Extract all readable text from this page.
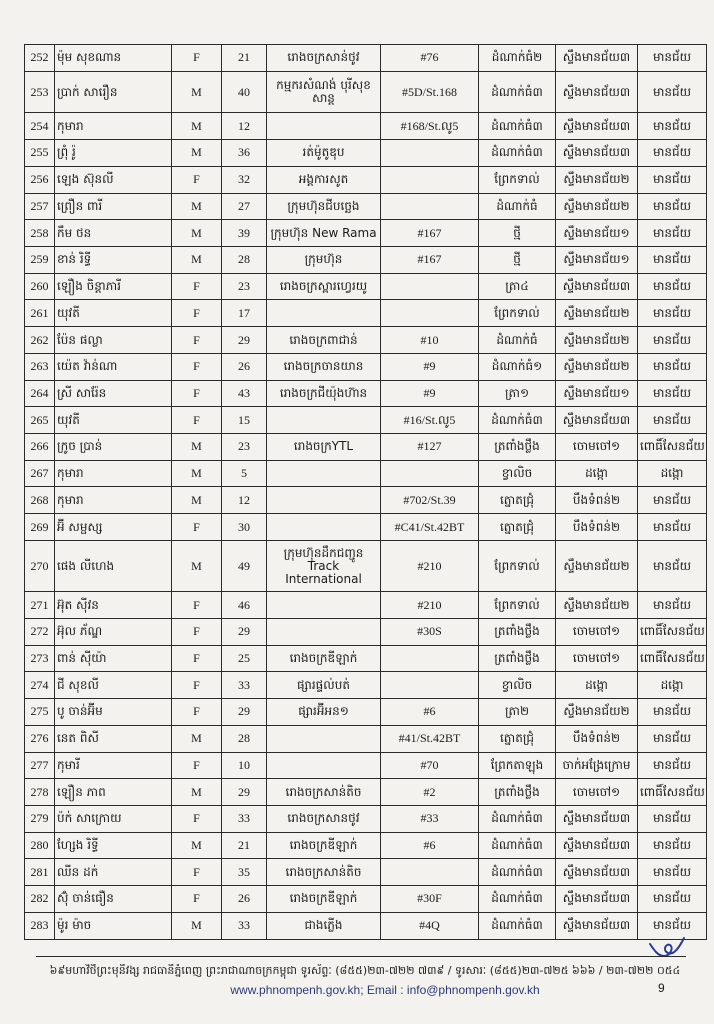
252	ម៉ុម សុខណាន	F	21	រោងចក្រសាន់ថូវ	#76	ដំណាក់ធំ២	ស្ទឹងមានជ័យ៣	មានជ័យ
253	ប្រាក់ សារឿន	M	40	កម្មករសំណង់ បុរីសុខសាន្ត	#5D/St.168	ដំណាក់ធំ៣	ស្ទឹងមានជ័យ៣	មានជ័យ
254	កុមារា	M	12		#168/St.លូ5	ដំណាក់ធំ៣	ស្ទឹងមានជ័យ៣	មានជ័យ
255	ព្រុំ រ៉ូ	M	36	រត់ម៉ូតូឌុប		ដំណាក់ធំ៣	ស្ទឹងមានជ័យ៣	មានជ័យ
256	ឡេង ស៊ុនលី	F	32	អង្គការសូត		ព្រែកទាល់	ស្ទឹងមានជ័យ២	មានជ័យ
257	ព្រឿន ពារី	M	27	ក្រុមហ៊ុនជីបច្ឆេង		ដំណាក់ធំ	ស្ទឹងមានជ័យ២	មានជ័យ
258	កឹម ថន	M	39	ក្រុមហ៊ុន New Rama	#167	ថ្មី	ស្ទឹងមានជ័យ១	មានជ័យ
259	ខាន់ រិទ្ធី	M	28	ក្រុមហ៊ុន	#167	ថ្មី	ស្ទឹងមានជ័យ១	មានជ័យ
260	ឡឿង ចិន្តាភារី	F	23	រោងចក្រស្ពារហ្វេរយូ		ត្រា៤	ស្ទឹងមានជ័យ៣	មានជ័យ
261	យុវតី	F	17			ព្រែកទាល់	ស្ទឹងមានជ័យ២	មានជ័យ
262	ប៉ែន ផល្លា	F	29	រោងចក្រពាជាន់	#10	ដំណាក់ធំ	ស្ទឹងមានជ័យ២	មានជ័យ
263	យ៉េត វ៉ាន់ណា	F	26	រោងចក្រចានយាន	#9	ដំណាក់ធំ១	ស្ទឹងមានជ័យ២	មានជ័យ
264	ស្រី សារ៉ែន	F	43	រោងចក្រជីយ៉ុងហ៊ាន	#9	ត្រា១	ស្ទឹងមានជ័យ១	មានជ័យ
265	យុវតី	F	15		#16/St.លូ5	ដំណាក់ធំ៣	ស្ទឹងមានជ័យ៣	មានជ័យ
266	ក្រូច ប្រាន់	M	23	រោងចក្រYTL	#127	ត្រពាំងថ្លឹង	ចោមចៅ១	ពោធិ៍សែនជ័យ
267	កុមារា	M	5			ខ្វាលិច	ដង្កោ	ដង្កោ
268	កុមារា	M	12		#702/St.39	ត្នោតជ្រុំ	បឹងទំពន់២	មានជ័យ
269	អ៊ី សម្ផស្ស	F	30		#C41/St.42BT	ត្នោតជ្រុំ	បឹងទំពន់២	មានជ័យ
270	ផេង លីហេង	M	49	ក្រុមហ៊ុនដឹកជញ្ជូន Track International	#210	ព្រែកទាល់	ស្ទឹងមានជ័យ២	មានជ័យ
271	អ៊ុត ស៊ីវន	F	46		#210	ព្រែកទាល់	ស្ទឹងមានជ័យ២	មានជ័យ
272	អ៊ុល ភ័ណ្ឌ	F	29		#30S	ត្រពាំងថ្លឹង	ចោមចៅ១	ពោធិ៍សែនជ័យ
273	ពាន់ ស៊ីយ៉ា	F	25	រោងចក្រឌីឡាក់		ត្រពាំងថ្លឹង	ចោមចៅ១	ពោធិ៍សែនជ័យ
274	ជី សុខលី	F	33	ផ្សារផ្ទល់បត់		ខ្វាលិច	ដង្កោ	ដង្កោ
275	បូ ចាន់អ៊ីម	F	29	ផ្សារអ៊ីអន១	#6	ត្រា២	ស្ទឹងមានជ័យ២	មានជ័យ
276	នេត ពិសី	M	28		#41/St.42BT	ត្នោតជ្រុំ	បឹងទំពន់២	មានជ័យ
277	កុមារី	F	10		#70	ព្រែកតាឡុង	ចាក់អង្រែក្រោម	មានជ័យ
278	ឡឿន ភាព	M	29	រោងចក្រសាន់តិច	#2	ត្រពាំងថ្លឹង	ចោមចៅ១	ពោធិ៍សែនជ័យ
279	ប៉ក់ សាក្រោយ	F	33	រោងចក្រសានថូវ	#33	ដំណាក់ធំ៣	ស្ទឹងមានជ័យ៣	មានជ័យ
280	ហ្សែង រិទ្ធី	M	21	រោងចក្រឌីឡាក់	#6	ដំណាក់ធំ៣	ស្ទឹងមានជ័យ៣	មានជ័យ
281	ឈីន ដក់	F	35	រោងចក្រសាន់តិច		ដំណាក់ធំ៣	ស្ទឹងមានជ័យ៣	មានជ័យ
282	ស៊ុំ ចាន់ធឿន	F	26	រោងចក្រឌីឡាក់	#30F	ដំណាក់ធំ៣	ស្ទឹងមានជ័យ៣	មានជ័យ
283	ម៉ូរ ម៉ាច	M	33	ជាងភ្លើង	#4Q	ដំណាក់ធំ៣	ស្ទឹងមានជ័យ៣	មានជ័យ
៦៩មហាវិថីព្រះមុនីវង្ស រាជធានីភ្នំពេញ ព្រះរាជាណាចក្រកម្ពុជា ទូរស័ព្ទៈ (៨៥៥)២៣-៧២២ ៧៣៩ / ទូរសារៈ (៨៥៥)២៣-៧២៥ ៦៦៦ / ២៣-៧២២ ០៥៤
www.phnompenh.gov.kh; Email : info@phnompenh.gov.kh	9
